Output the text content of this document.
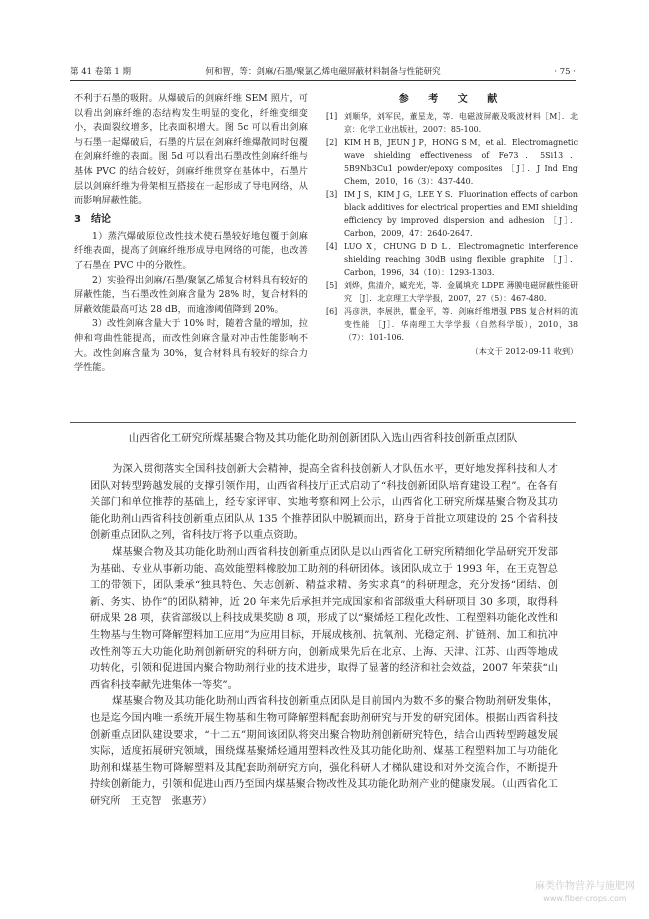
第 41 卷第 1 期	何和智，等：剑麻/石墨/聚氯乙烯电磁屏蔽材料制备与性能研究	· 75 ·

不利于石墨的吸附。从爆破后的剑麻纤维 SEM 照片，可以看出剑麻纤维的态结构发生明显的变化，纤维变细变小，表面裂纹增多，比表面积增大。图 5c 可以看出剑麻与石墨一起爆破后，石墨的片层在剑麻纤维爆散同时包覆在剑麻纤维的表面。图 5d 可以看出石墨改性剑麻纤维与基体 PVC 的结合较好，剑麻纤维贯穿在基体中，石墨片层以剑麻纤维为骨架相互搭接在一起形成了导电网络，从而影响屏蔽性能。

3 结论

1）蒸汽爆破原位改性技术使石墨较好地包覆于剑麻纤维表面，提高了剑麻纤维形成导电网络的可能，也改善了石墨在 PVC 中的分散性。

2）实验得出剑麻/石墨/聚氯乙烯复合材料具有较好的屏蔽性能，当石墨改性剑麻含量为 28% 时，复合材料的屏蔽效能最高可达 28 dB，而逾渗阈值降到 20%。

3）改性剑麻含量大于 10% 时，随着含量的增加，拉伸和弯曲性能提高，而改性剑麻含量对冲击性能影响不大。改性剑麻含量为 30%，复合材料具有较好的综合力学性能。

参 考 文 献

[1] 刘顺华，刘军民，董星龙，等．电磁波屏蔽及吸波材料［M］．北京：化学工业出版社，2007：85-100.

[2] KIM H B，JEUN J P，HONG S M，et al．Electromagnetic wave shielding effectiveness of Fe73．5Si13．5B9Nb3Cu1 powder/epoxy composites ［J］．J Ind Eng Chem，2010，16（3）：437-440.

[3] IM J S，KIM J G，LEE Y S．Fluorination effects of carbon black additives for electrical properties and EMI shielding efficiency by improved dispersion and adhesion ［J］．Carbon，2009，47：2640-2647.

[4] LUO X，CHUNG D D L．Electromagnetic interference shielding reaching 30dB using flexible graphite ［J］．Carbon，1996，34（10）：1293-1303.

[5] 刘烨，焦清介，臧充光，等．金属填充 LDPE 薄膜电磁屏蔽性能研究 ［J］．北京理工大学学报，2007，27（5）：467-480.

[6] 冯彦洪，李展洪，瞿金平，等．剑麻纤维增强 PBS 复合材料的流变性能 ［J］．华南理工大学学报（自然科学版），2010，38（7）：101-106.

（本文于 2012-09-11 收到）
山西省化工研究所煤基聚合物及其功能化助剂创新团队入选山西省科技创新重点团队

为深入贯彻落实全国科技创新大会精神，提高全省科技创新人才队伍水平，更好地发挥科技和人才团队对转型跨越发展的支撑引领作用，山西省科技厅正式启动了“科技创新团队培育建设工程”。在各有关部门和单位推荐的基础上，经专家评审、实地考察和网上公示，山西省化工研究所煤基聚合物及其功能化助剂山西省科技创新重点团队从 135 个推荐团队中脱颖而出，跻身于首批立项建设的 25 个省科技创新重点团队之列，省科技厅将予以重点资助。

煤基聚合物及其功能化助剂山西省科技创新重点团队是以山西省化工研究所精细化学品研究开发部为基础、专业从事新功能、高效能塑料橡胶加工助剂的科研团体。该团队成立于 1993 年，在王克智总工的带领下，团队秉承“独具特色、矢志创新、精益求精、务实求真”的科研理念，充分发扬“团结、创新、务实、协作”的团队精神，近 20 年来先后承担并完成国家和省部级重大科研项目 30 多项，取得科研成果 28 项，获省部级以上科技成果奖励 8 项，形成了以“聚烯烃工程化改性、工程塑料功能化改性和生物基与生物可降解塑料加工应用”为应用目标，开展成核剂、抗氧剂、光稳定剂、扩链剂、加工和抗冲改性剂等五大功能化助剂创新研究的科研方向，创新成果先后在北京、上海、天津、江苏、山西等地成功转化，引领和促进国内聚合物助剂行业的技术进步，取得了显著的经济和社会效益，2007 年荣获“山西省科技奉献先进集体一等奖”。

煤基聚合物及其功能化助剂山西省科技创新重点团队是目前国内为数不多的聚合物助剂研发集体，也是迄今国内唯一系统开展生物基和生物可降解塑料配套助剂研究与开发的研究团体。根据山西省科技创新重点团队建设要求，“十二五”期间该团队将突出聚合物助剂创新研究特色，结合山西转型跨越发展实际，适度拓展研究领域，围绕煤基聚烯烃通用塑料改性及其功能化助剂、煤基工程塑料加工与功能化助剂和煤基生物可降解塑料及其配套助剂研究方向，强化科研人才梯队建设和对外交流合作，不断提升持续创新能力，引领和促进山西乃至国内煤基聚合物改性及其功能化助剂产业的健康发展。（山西省化工研究所　王克智　张惠芳）

麻类作物营养与施肥网
www.fiber-crops.com
